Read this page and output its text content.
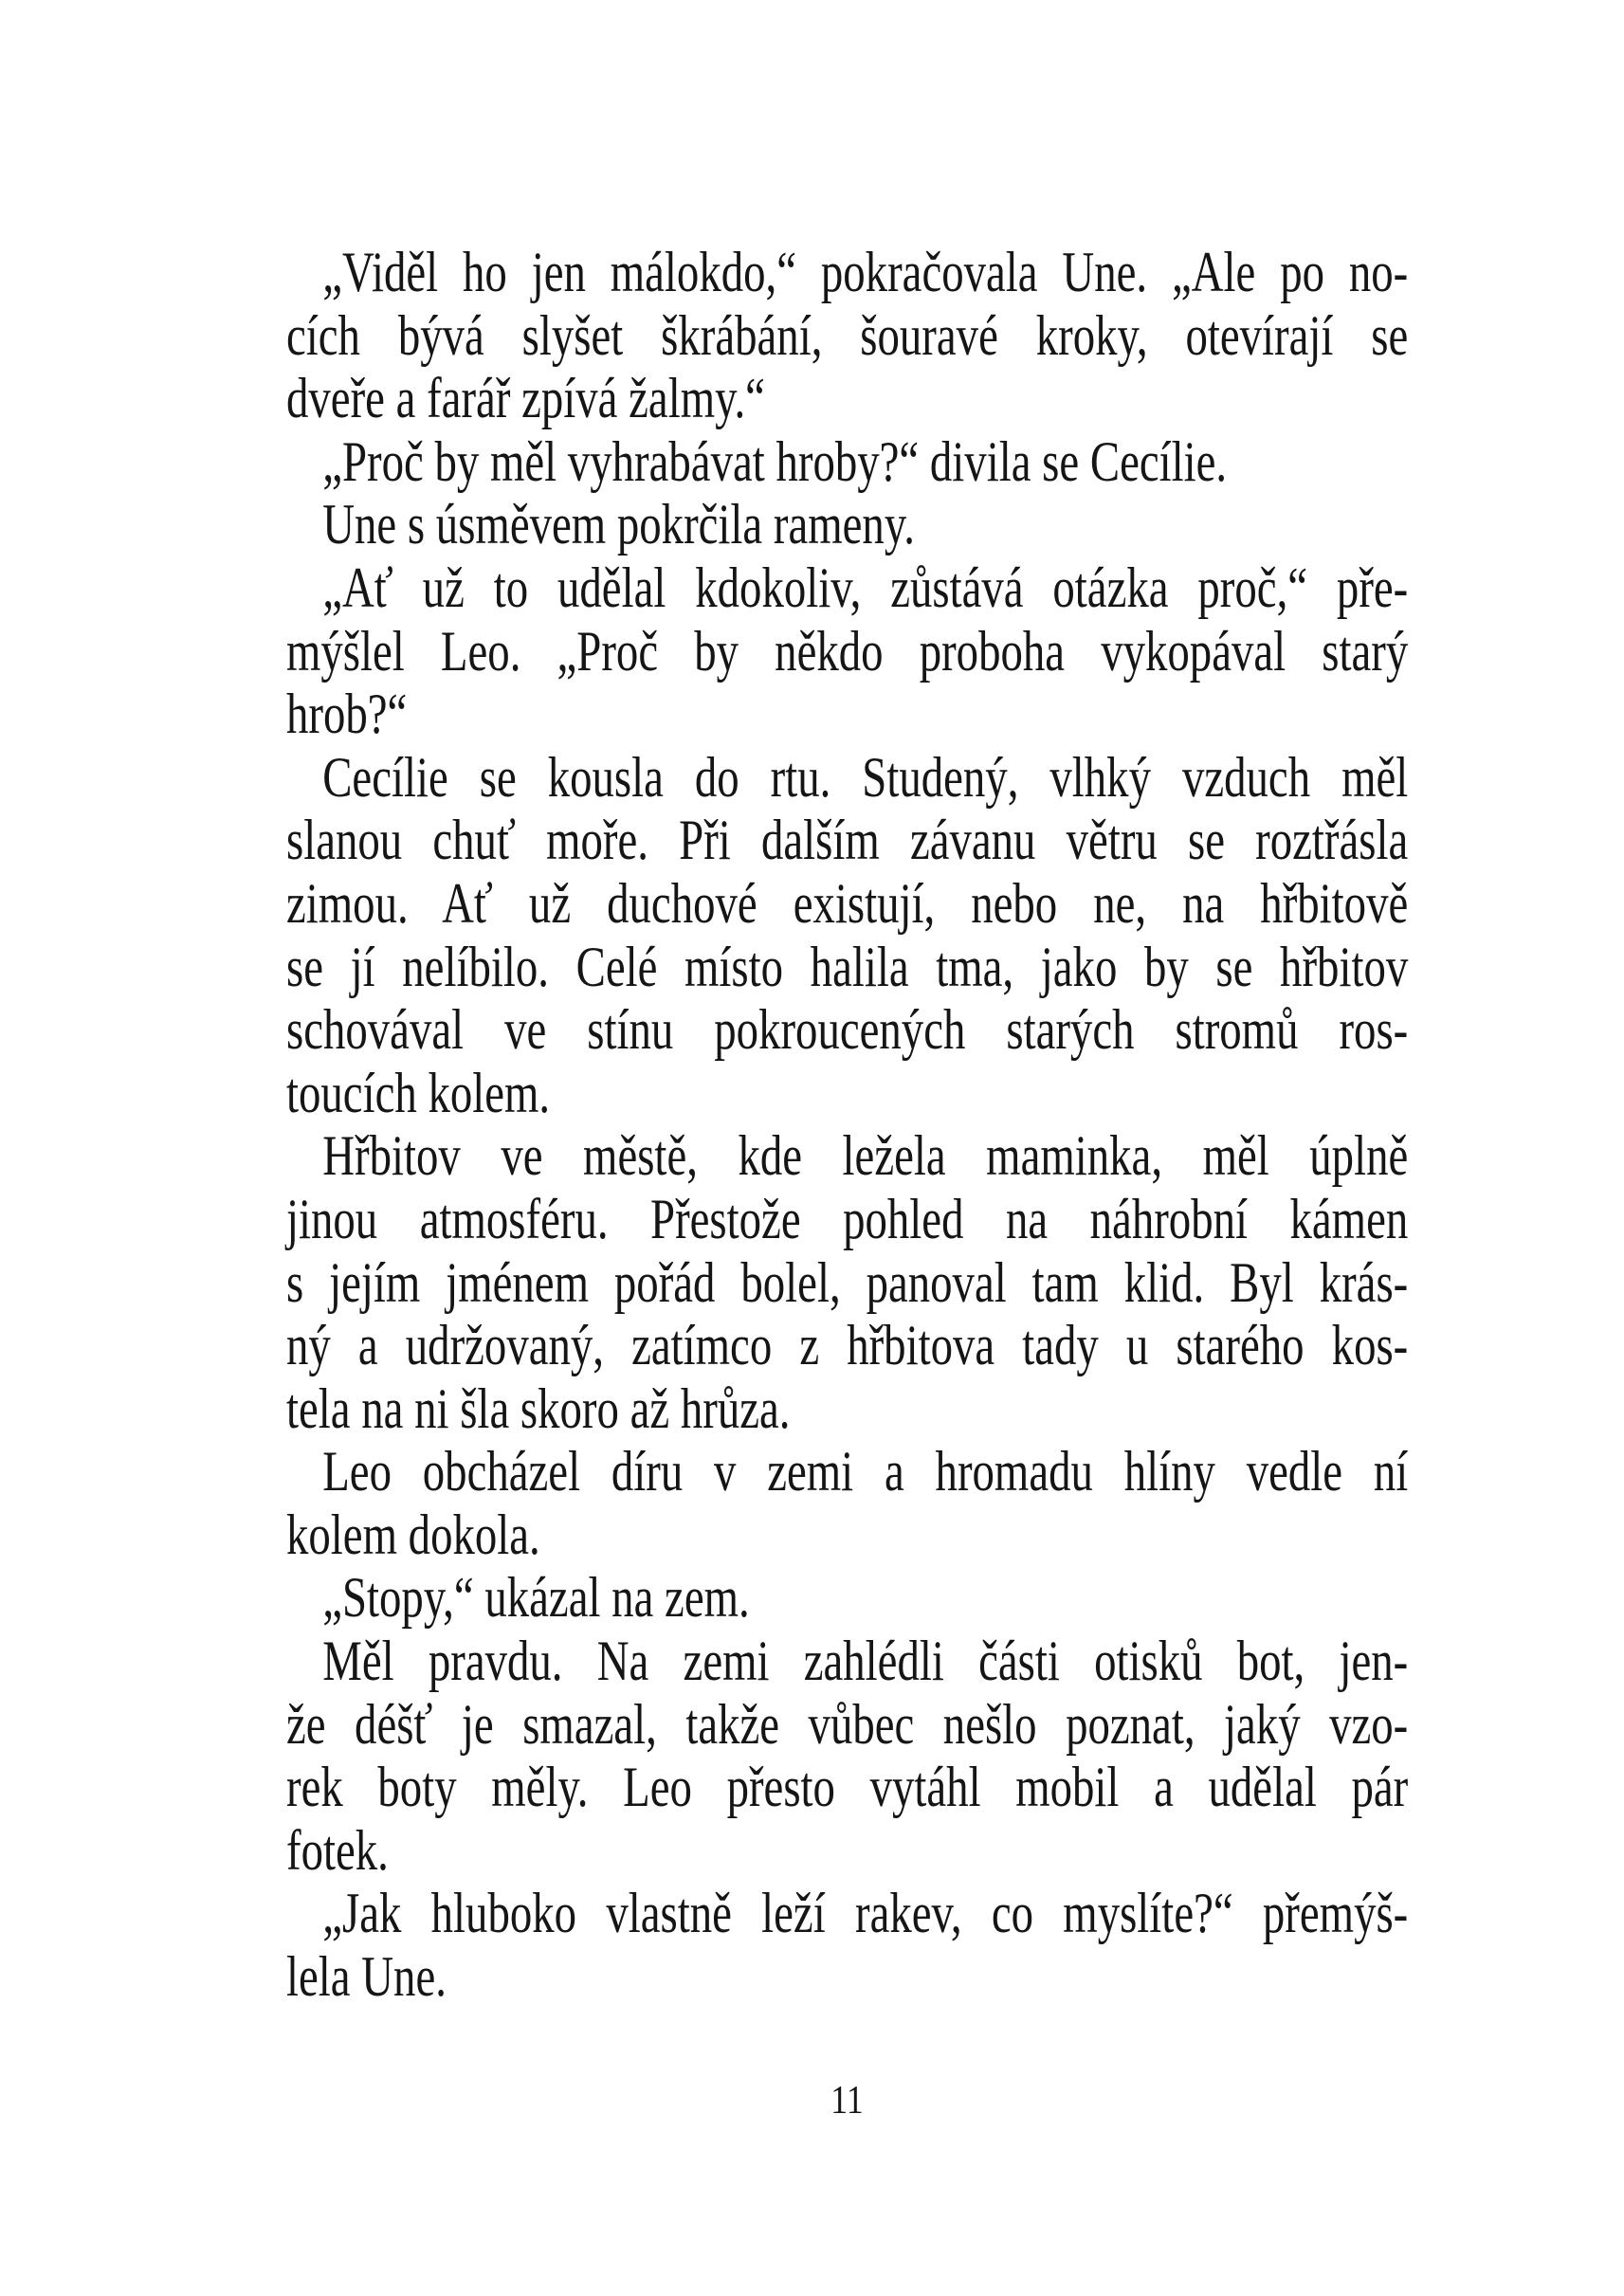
„Viděl ho jen málokdo,“ pokračovala Une. „Ale po no-
cích bývá slyšet škrábání, šouravé kroky, otevírají se
dveře a farář zpívá žalmy.“
„Proč by měl vyhrabávat hroby?“ divila se Cecílie.
Une s úsměvem pokrčila rameny.
„Ať už to udělal kdokoliv, zůstává otázka proč,“ pře-
mýšlel Leo. „Proč by někdo proboha vykopával starý
hrob?“
Cecílie se kousla do rtu. Studený, vlhký vzduch měl
slanou chuť moře. Při dalším závanu větru se roztřásla
zimou. Ať už duchové existují, nebo ne, na hřbitově
se jí nelíbilo. Celé místo halila tma, jako by se hřbitov
schovával ve stínu pokroucených starých stromů ros-
toucích kolem.
Hřbitov ve městě, kde ležela maminka, měl úplně
jinou atmosféru. Přestože pohled na náhrobní kámen
s jejím jménem pořád bolel, panoval tam klid. Byl krás-
ný a udržovaný, zatímco z hřbitova tady u starého kos-
tela na ni šla skoro až hrůza.
Leo obcházel díru v zemi a hromadu hlíny vedle ní
kolem dokola.
„Stopy,“ ukázal na zem.
Měl pravdu. Na zemi zahlédli části otisků bot, jen-
že déšť je smazal, takže vůbec nešlo poznat, jaký vzo-
rek boty měly. Leo přesto vytáhl mobil a udělal pár
fotek.
„Jak hluboko vlastně leží rakev, co myslíte?“ přemýš-
lela Une.
11
